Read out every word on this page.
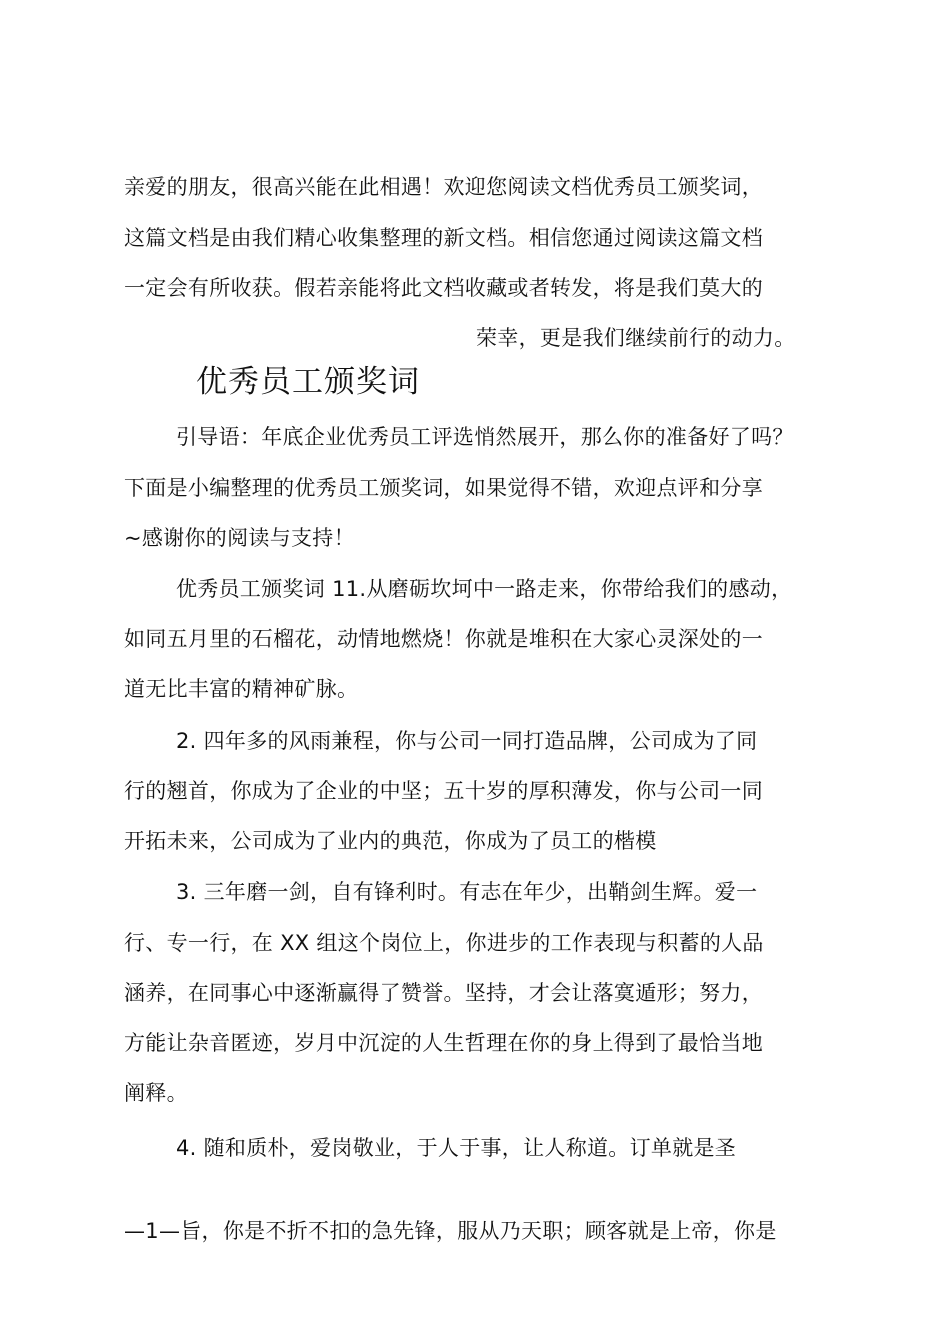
亲爱的朋友，很高兴能在此相遇！欢迎您阅读文档优秀员工颁奖词，
这篇文档是由我们精心收集整理的新文档。相信您通过阅读这篇文档
一定会有所收获。假若亲能将此文档收藏或者转发，将是我们莫大的
荣幸，更是我们继续前行的动力。
优秀员工颁奖词
引导语：年底企业优秀员工评选悄然展开，那么你的准备好了吗？
下面是小编整理的优秀员工颁奖词，如果觉得不错，欢迎点评和分享
~感谢你的阅读与支持！
优秀员工颁奖词 11.从磨砺坎坷中一路走来，你带给我们的感动，
如同五月里的石榴花，动情地燃烧！你就是堆积在大家心灵深处的一
道无比丰富的精神矿脉。
2. 四年多的风雨兼程，你与公司一同打造品牌，公司成为了同
行的翘首，你成为了企业的中坚；五十岁的厚积薄发，你与公司一同
开拓未来，公司成为了业内的典范，你成为了员工的楷模
3. 三年磨一剑，自有锋利时。有志在年少，出鞘剑生辉。爱一
行、专一行，在 XX 组这个岗位上，你进步的工作表现与积蓄的人品
涵养，在同事心中逐渐赢得了赞誉。坚持，才会让落寞遁形；努力，
方能让杂音匿迹，岁月中沉淀的人生哲理在你的身上得到了最恰当地
阐释。
4. 随和质朴，爱岗敬业，于人于事，让人称道。订单就是圣
—1—旨，你是不折不扣的急先锋，服从乃天职；顾客就是上帝，你是
